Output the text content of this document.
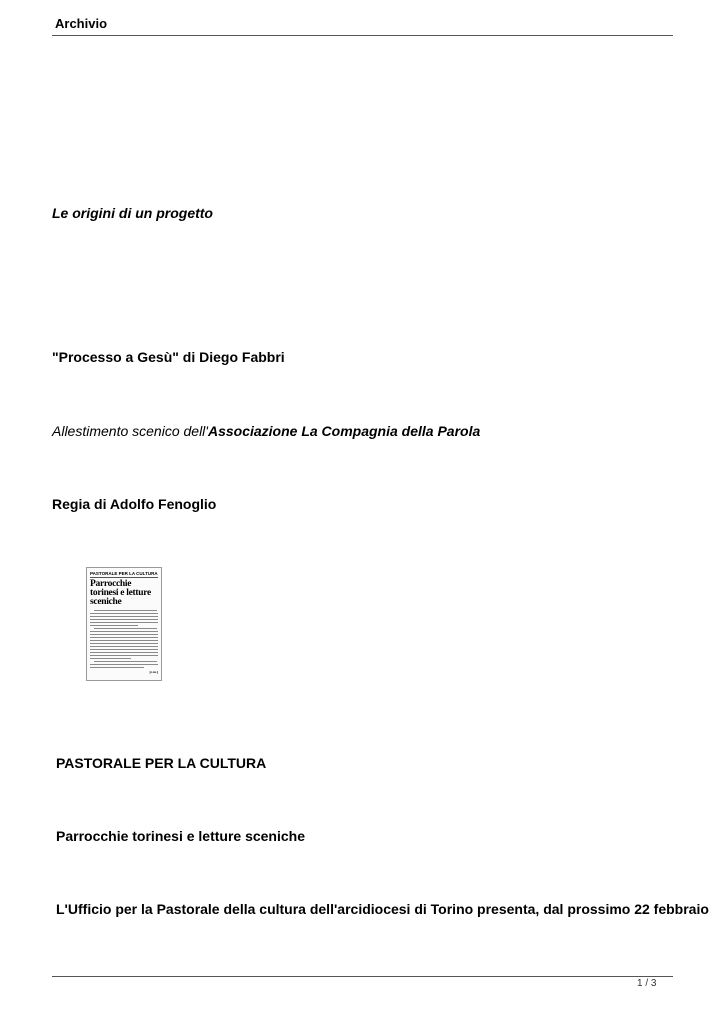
Archivio
Le origini di un progetto
"Processo a Gesù" di Diego Fabbri
Allestimento scenico dell'Associazione La Compagnia della Parola
Regia di Adolfo Fenoglio
PASTORALE PER LA CULTURA
Parrocchie torinesi e letture sceniche
[c.m.]
PASTORALE PER LA CULTURA
Parrocchie torinesi e letture sceniche
L'Ufficio per la Pastorale della cultura dell'arcidiocesi di Torino presenta, dal prossimo 22 febbraio
1 / 3
